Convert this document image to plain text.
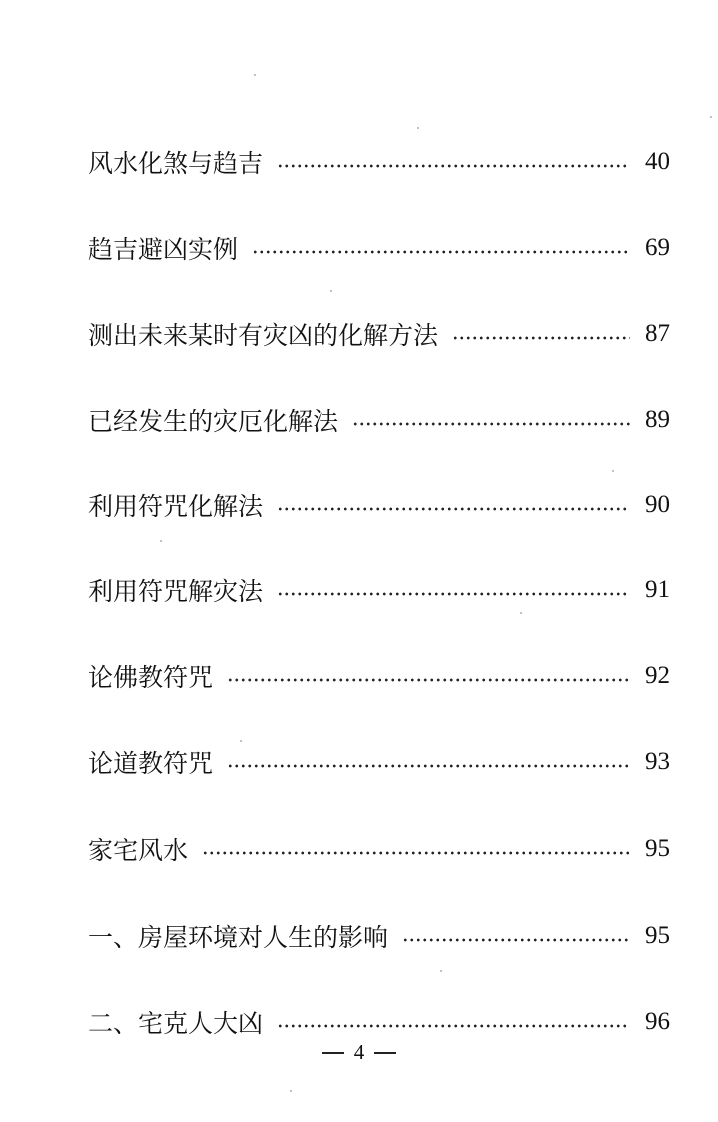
风水化煞与趋吉	40
趋吉避凶实例	69
测出未来某时有灾凶的化解方法	87
已经发生的灾厄化解法	89
利用符咒化解法	90
利用符咒解灾法	91
论佛教符咒	92
论道教符咒	93
家宅风水	95
一、房屋环境对人生的影响	95
二、宅克人大凶	96
4
